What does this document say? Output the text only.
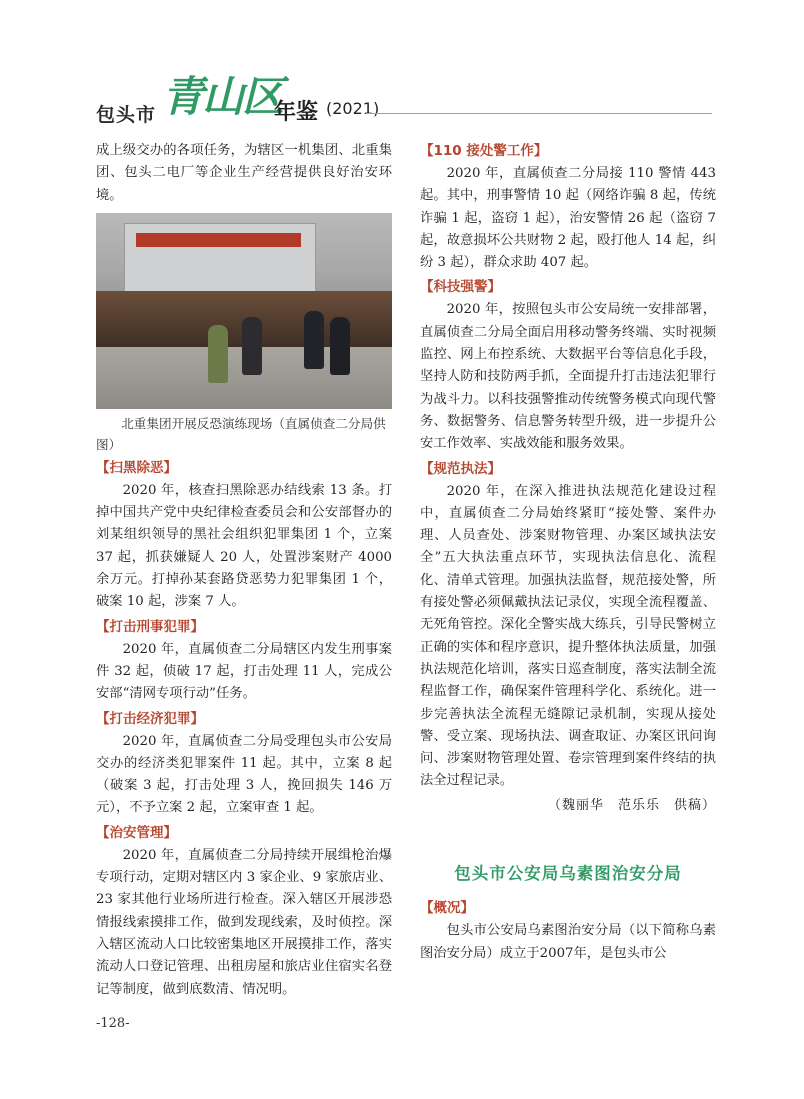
包头市 青山区
年鉴 (2021)

成上级交办的各项任务，为辖区一机集团、北重集团、包头二电厂等企业生产经营提供良好治安环境。

北重集团开展反恐演练现场（直属侦查二分局供图）

【扫黑除恶】

2020 年，核查扫黑除恶办结线索 13 条。打掉中国共产党中央纪律检查委员会和公安部督办的刘某组织领导的黑社会组织犯罪集团 1 个，立案 37 起，抓获嫌疑人 20 人，处置涉案财产 4000 余万元。打掉孙某套路贷恶势力犯罪集团 1 个，破案 10 起，涉案 7 人。

【打击刑事犯罪】

2020 年，直属侦查二分局辖区内发生刑事案件 32 起，侦破 17 起，打击处理 11 人，完成公安部“清网专项行动”任务。

【打击经济犯罪】

2020 年，直属侦查二分局受理包头市公安局交办的经济类犯罪案件 11 起。其中，立案 8 起（破案 3 起，打击处理 3 人，挽回损失 146 万元），不予立案 2 起，立案审查 1 起。

【治安管理】

2020 年，直属侦查二分局持续开展缉枪治爆专项行动，定期对辖区内 3 家企业、9 家旅店业、23 家其他行业场所进行检查。深入辖区开展涉恐情报线索摸排工作，做到发现线索，及时侦控。深入辖区流动人口比较密集地区开展摸排工作，落实流动人口登记管理、出租房屋和旅店业住宿实名登记等制度，做到底数清、情况明。

【110 接处警工作】

2020 年，直属侦查二分局接 110 警情 443 起。其中，刑事警情 10 起（网络诈骗 8 起，传统诈骗 1 起，盗窃 1 起），治安警情 26 起（盗窃 7 起，故意损坏公共财物 2 起，殴打他人 14 起，纠纷 3 起），群众求助 407 起。

【科技强警】

2020 年，按照包头市公安局统一安排部署，直属侦查二分局全面启用移动警务终端、实时视频监控、网上布控系统、大数据平台等信息化手段，坚持人防和技防两手抓，全面提升打击违法犯罪行为战斗力。以科技强警推动传统警务模式向现代警务、数据警务、信息警务转型升级，进一步提升公安工作效率、实战效能和服务效果。

【规范执法】

2020 年，在深入推进执法规范化建设过程中，直属侦查二分局始终紧盯“接处警、案件办理、人员查处、涉案财物管理、办案区域执法安全”五大执法重点环节，实现执法信息化、流程化、清单式管理。加强执法监督，规范接处警，所有接处警必须佩戴执法记录仪，实现全流程覆盖、无死角管控。深化全警实战大练兵，引导民警树立正确的实体和程序意识，提升整体执法质量，加强执法规范化培训，落实日巡查制度，落实法制全流程监督工作，确保案件管理科学化、系统化。进一步完善执法全流程无缝隙记录机制，实现从接处警、受立案、现场执法、调查取证、办案区讯问询问、涉案财物管理处置、卷宗管理到案件终结的执法全过程记录。

（魏丽华　范乐乐　供稿）

包头市公安局乌素图治安分局
【概况】

包头市公安局乌素图治安分局（以下简称乌素图治安分局）成立于2007年，是包头市公

-128-
